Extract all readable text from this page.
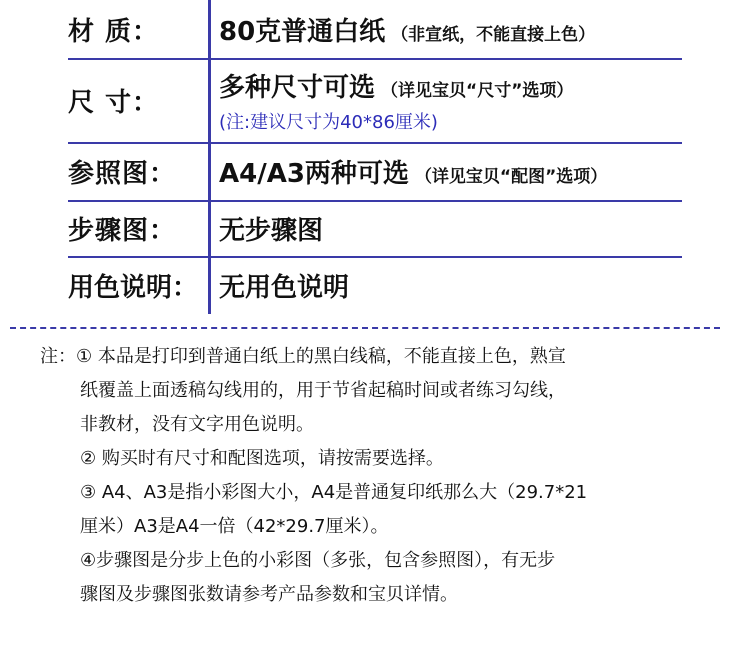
材 质：	80克普通白纸 （非宣纸，不能直接上色）
尺 寸：	多种尺寸可选 （详见宝贝“尺寸”选项）
(注:建议尺寸为40*86厘米)
参照图：	A4/A3两种可选 （详见宝贝“配图”选项）
步骤图：	无步骤图
用色说明： 无用色说明

注：① 本品是打印到普通白纸上的黑白线稿，不能直接上色，熟宣

纸覆盖上面透稿勾线用的，用于节省起稿时间或者练习勾线，

非教材，没有文字用色说明。

② 购买时有尺寸和配图选项，请按需要选择。

③ A4、A3是指小彩图大小，A4是普通复印纸那么大（29.7*21

厘米）A3是A4一倍（42*29.7厘米）。

④步骤图是分步上色的小彩图（多张，包含参照图），有无步

骤图及步骤图张数请参考产品参数和宝贝详情。
